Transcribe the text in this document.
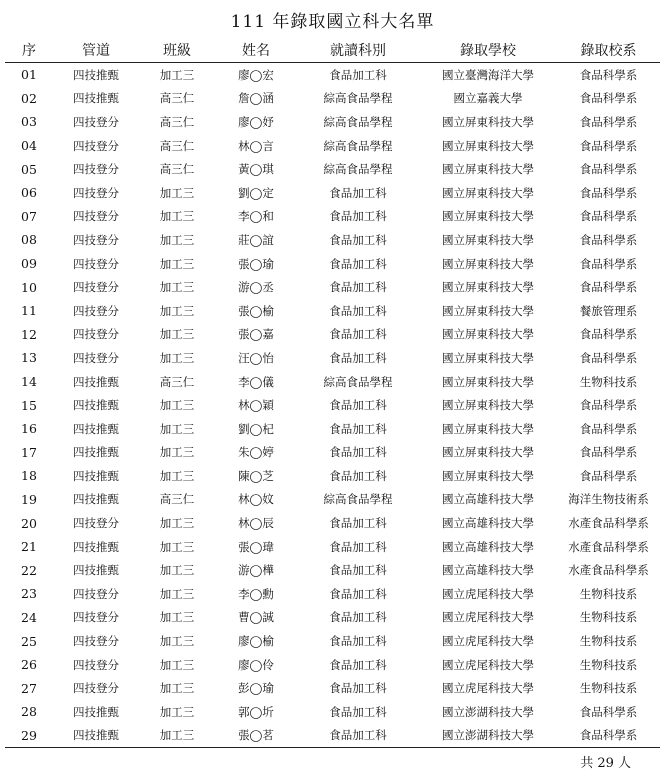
111 年錄取國立科大名單
序	管道	班級	姓名	就讀科別	錄取學校	錄取校系
01	四技推甄	加工三	廖◯宏	食品加工科	國立臺灣海洋大學	食品科學系
02	四技推甄	高三仁	詹◯涵	綜高食品學程	國立嘉義大學	食品科學系
03	四技登分	高三仁	廖◯妤	綜高食品學程	國立屏東科技大學	食品科學系
04	四技登分	高三仁	林◯言	綜高食品學程	國立屏東科技大學	食品科學系
05	四技登分	高三仁	黃◯琪	綜高食品學程	國立屏東科技大學	食品科學系
06	四技登分	加工三	劉◯定	食品加工科	國立屏東科技大學	食品科學系
07	四技登分	加工三	李◯和	食品加工科	國立屏東科技大學	食品科學系
08	四技登分	加工三	莊◯誼	食品加工科	國立屏東科技大學	食品科學系
09	四技登分	加工三	張◯瑜	食品加工科	國立屏東科技大學	食品科學系
10	四技登分	加工三	游◯丞	食品加工科	國立屏東科技大學	食品科學系
11	四技登分	加工三	張◯榆	食品加工科	國立屏東科技大學	餐旅管理系
12	四技登分	加工三	張◯嘉	食品加工科	國立屏東科技大學	食品科學系
13	四技登分	加工三	汪◯怡	食品加工科	國立屏東科技大學	食品科學系
14	四技推甄	高三仁	李◯儀	綜高食品學程	國立屏東科技大學	生物科技系
15	四技推甄	加工三	林◯穎	食品加工科	國立屏東科技大學	食品科學系
16	四技推甄	加工三	劉◯杞	食品加工科	國立屏東科技大學	食品科學系
17	四技推甄	加工三	朱◯婷	食品加工科	國立屏東科技大學	食品科學系
18	四技推甄	加工三	陳◯芝	食品加工科	國立屏東科技大學	食品科學系
19	四技推甄	高三仁	林◯妏	綜高食品學程	國立高雄科技大學	海洋生物技術系
20	四技登分	加工三	林◯辰	食品加工科	國立高雄科技大學	水產食品科學系
21	四技推甄	加工三	張◯瑋	食品加工科	國立高雄科技大學	水產食品科學系
22	四技推甄	加工三	游◯樺	食品加工科	國立高雄科技大學	水產食品科學系
23	四技登分	加工三	李◯勳	食品加工科	國立虎尾科技大學	生物科技系
24	四技登分	加工三	曹◯誠	食品加工科	國立虎尾科技大學	生物科技系
25	四技登分	加工三	廖◯榆	食品加工科	國立虎尾科技大學	生物科技系
26	四技登分	加工三	廖◯伶	食品加工科	國立虎尾科技大學	生物科技系
27	四技登分	加工三	彭◯瑜	食品加工科	國立虎尾科技大學	生物科技系
28	四技推甄	加工三	郭◯圻	食品加工科	國立澎湖科技大學	食品科學系
29	四技推甄	加工三	張◯茗	食品加工科	國立澎湖科技大學	食品科學系
共 29 人
